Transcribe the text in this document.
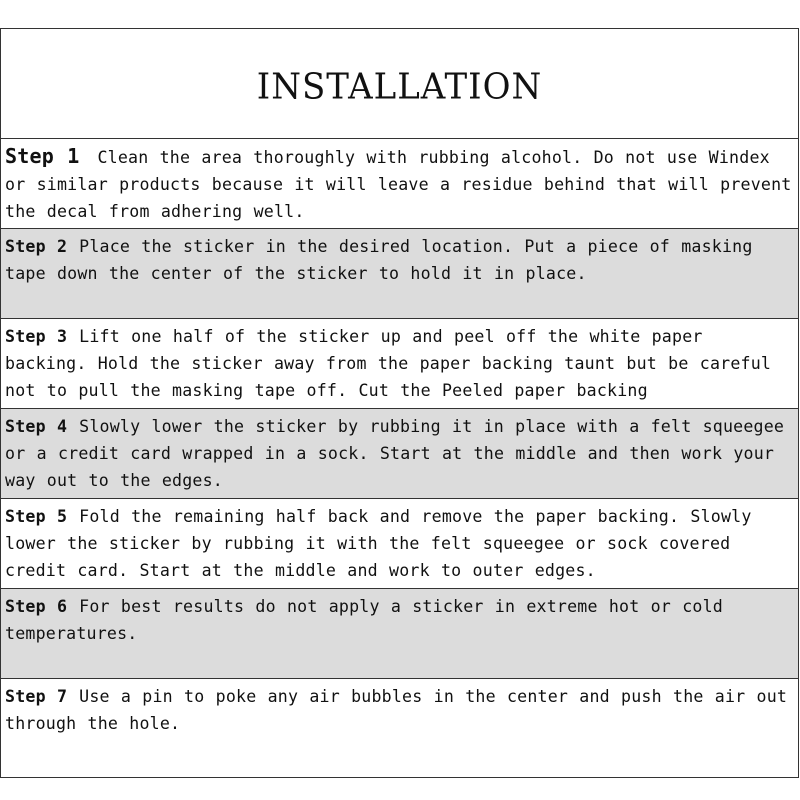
INSTALLATION
Step 1 Clean the area thoroughly with rubbing alcohol. Do not use Windex or similar products because it will leave a residue behind that will prevent the decal from adhering well.
Step 2 Place the sticker in the desired location. Put a piece of masking tape down the center of the sticker to hold it in place.
Step 3 Lift one half of the sticker up and peel off the white paper backing. Hold the sticker away from the paper backing taunt but be careful not to pull the masking tape off. Cut the Peeled paper backing
Step 4 Slowly lower the sticker by rubbing it in place with a felt squeegee or a credit card wrapped in a sock. Start at the middle and then work your way out to the edges.
Step 5 Fold the remaining half back and remove the paper backing. Slowly lower the sticker by rubbing it with the felt squeegee or sock covered credit card. Start at the middle and work to outer edges.
Step 6 For best results do not apply a sticker in extreme hot or cold temperatures.
Step 7 Use a pin to poke any air bubbles in the center and push the air out through the hole.
